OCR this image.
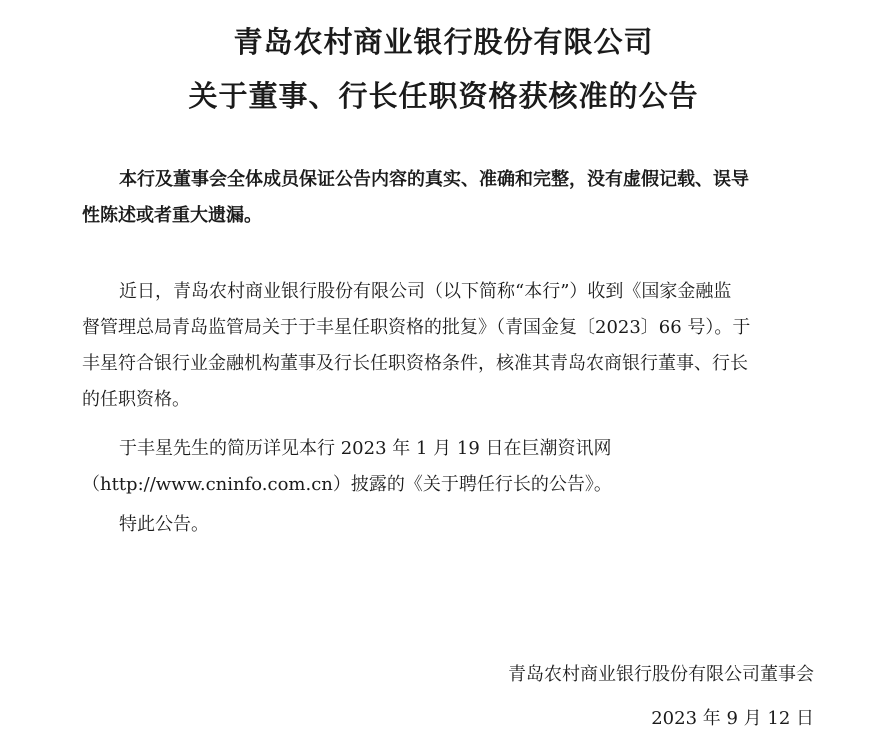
青岛农村商业银行股份有限公司
关于董事、行长任职资格获核准的公告
本行及董事会全体成员保证公告内容的真实、准确和完整，没有虚假记载、误导
性陈述或者重大遗漏。
近日，青岛农村商业银行股份有限公司（以下简称“本行”）收到《国家金融监
督管理总局青岛监管局关于于丰星任职资格的批复》（青国金复〔2023〕66 号）。于
丰星符合银行业金融机构董事及行长任职资格条件，核准其青岛农商银行董事、行长
的任职资格。
于丰星先生的简历详见本行 2023 年 1 月 19 日在巨潮资讯网
（http://www.cninfo.com.cn）披露的《关于聘任行长的公告》。
特此公告。
青岛农村商业银行股份有限公司董事会
2023 年 9 月 12 日
